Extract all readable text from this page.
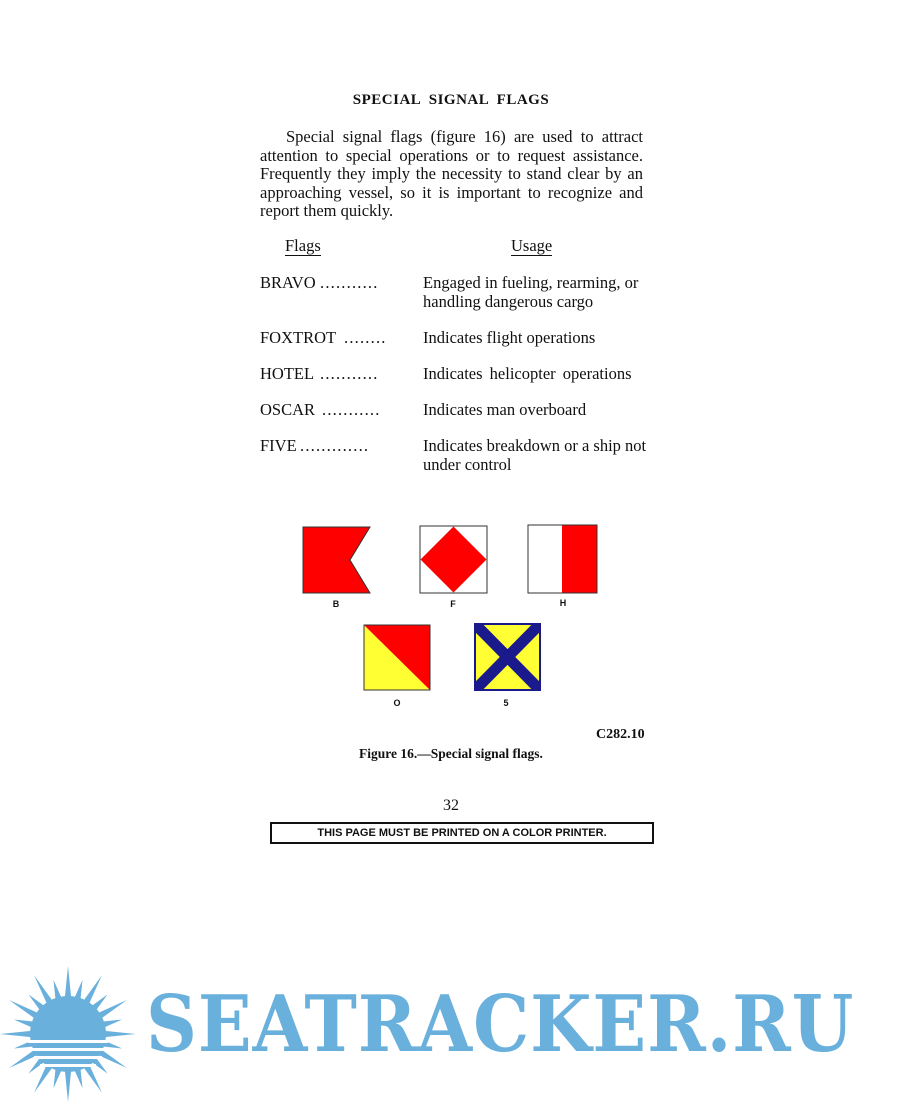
SPECIAL SIGNAL FLAGS

Special signal flags (figure 16) are used to attract attention to special operations or to request assistance. Frequently they imply the necessity to stand clear by an approaching vessel, so it is important to recognize and report them quickly.

Flags	Usage
BRAVO ...........	Engaged in fueling, rearming, or handling dangerous cargo
FOXTROT ........ Indicates flight operations
HOTEL ...........	Indicates helicopter operations
OSCAR ...........	Indicates man overboard
FIVE .............	Indicates breakdown or a ship not under control
B	F	H
O	5
C282.10
Figure 16.—Special signal flags.
32
THIS PAGE MUST BE PRINTED ON A COLOR PRINTER.
SEATRACKER.RU
